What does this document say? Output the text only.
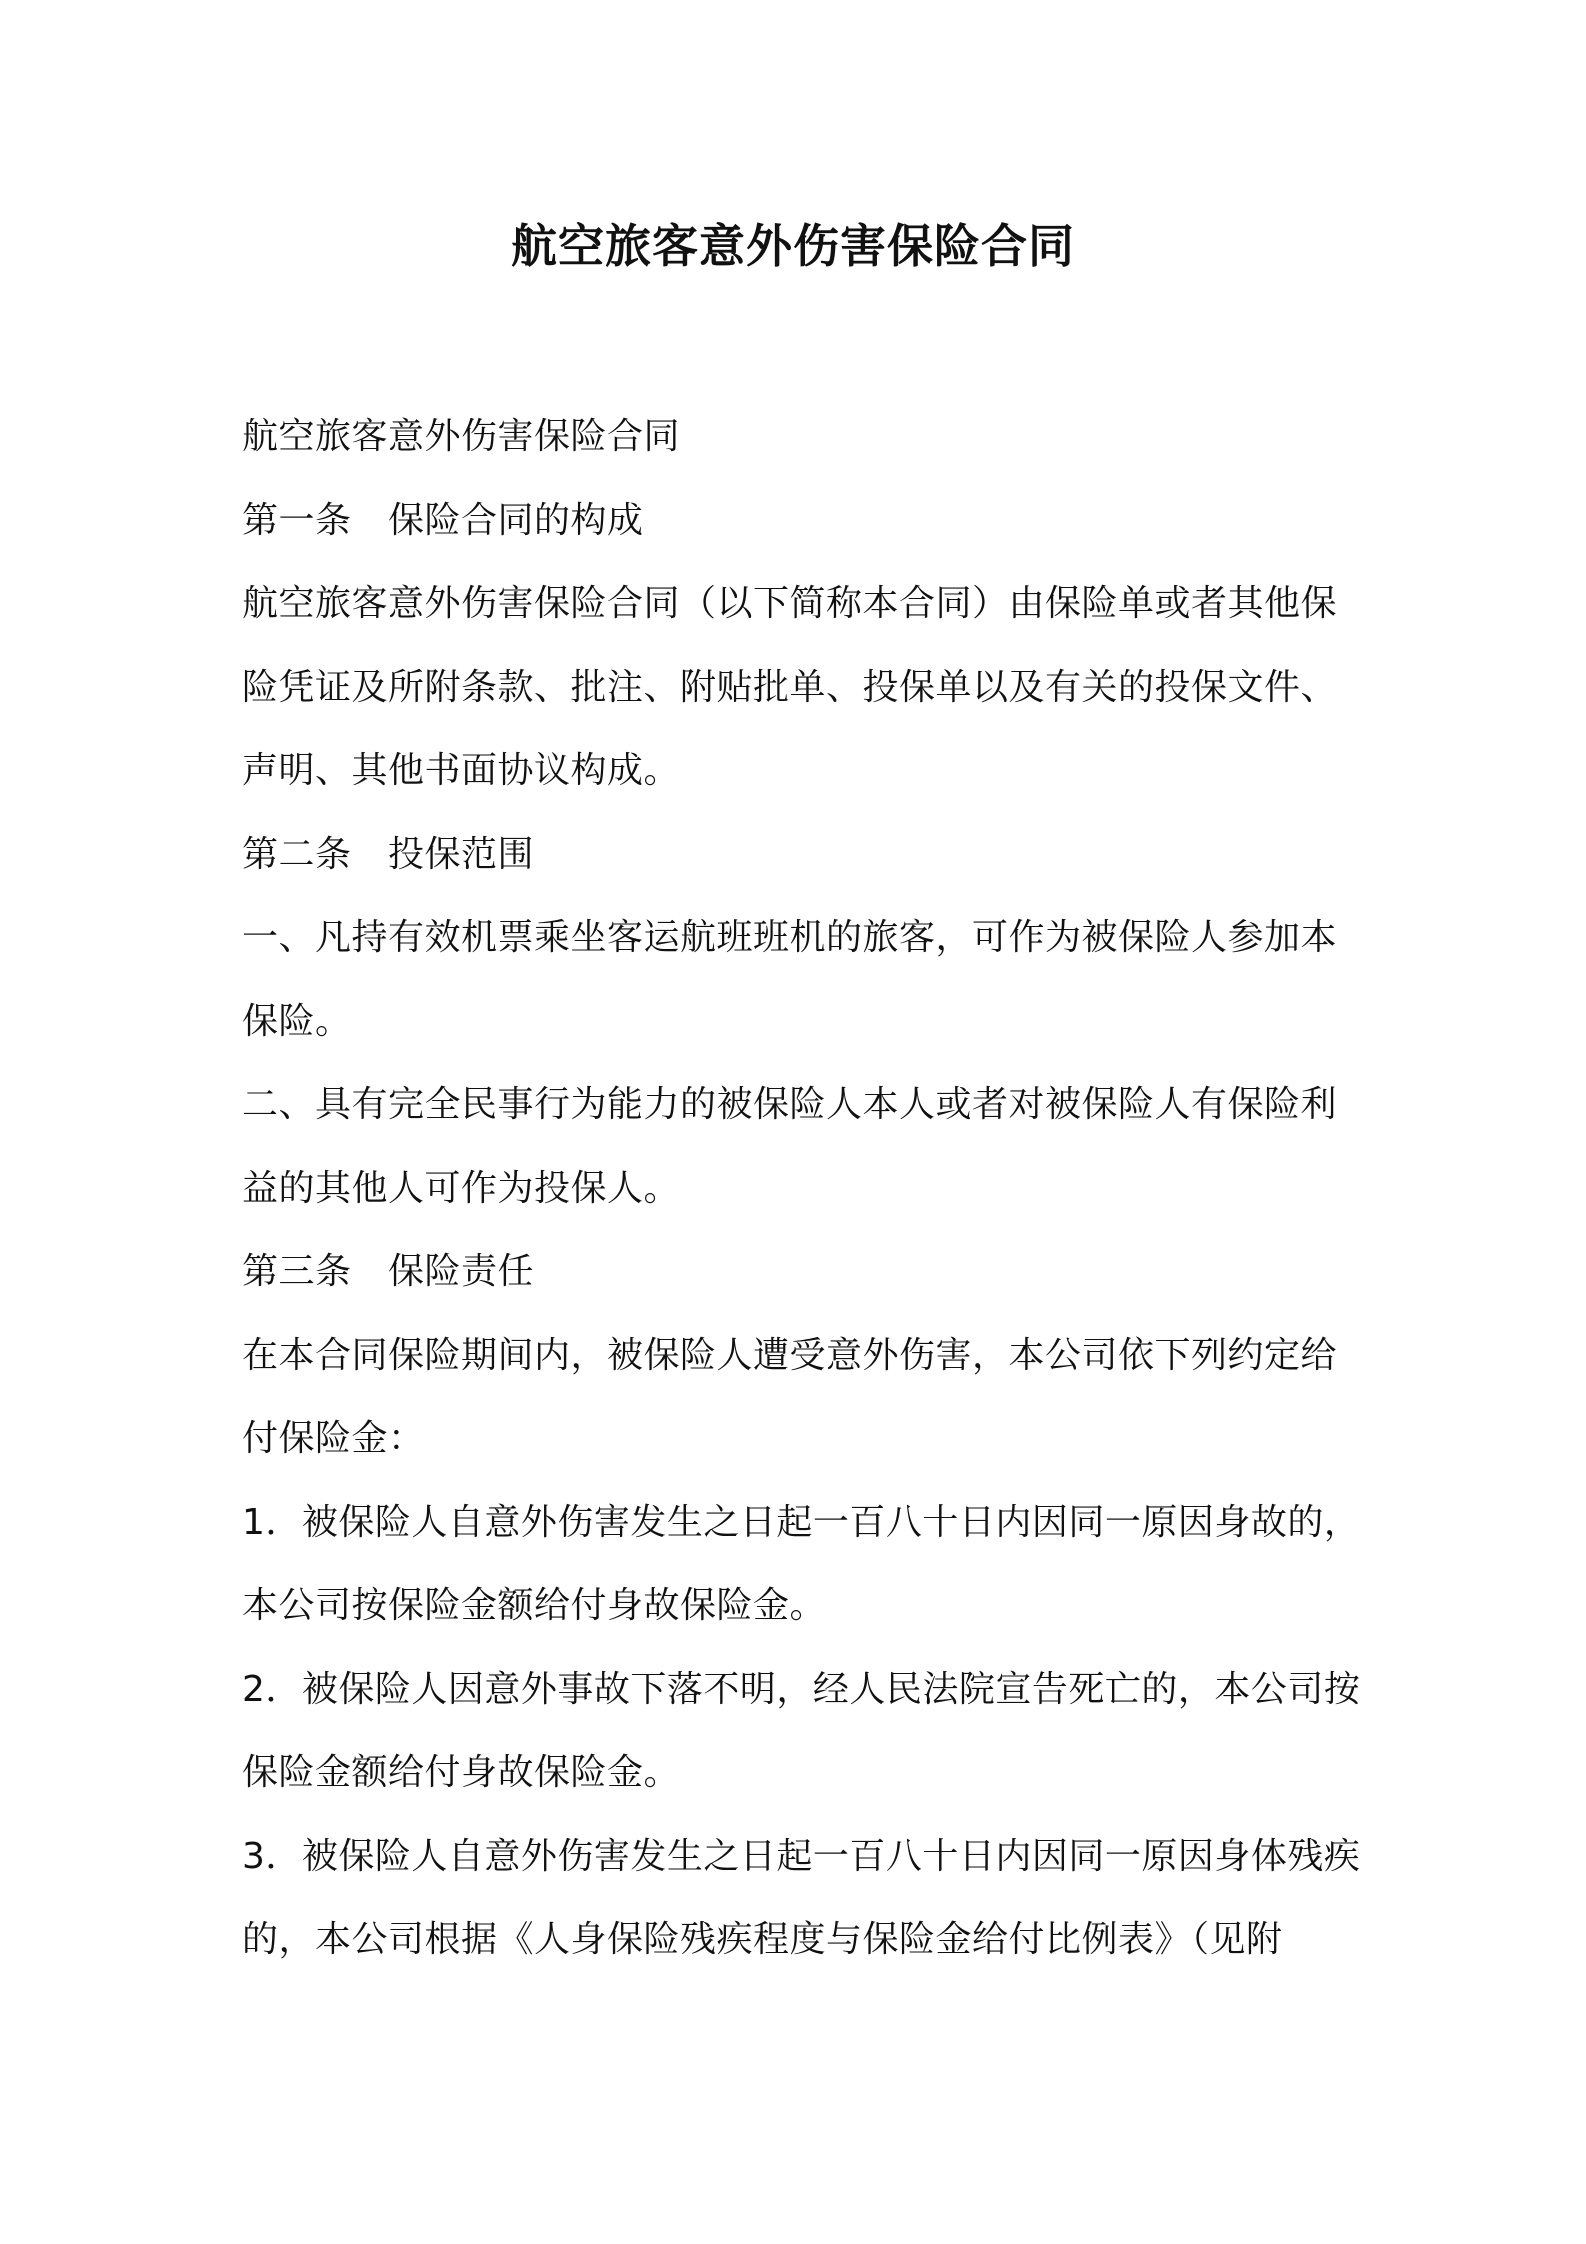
航空旅客意外伤害保险合同

航空旅客意外伤害保险合同

第一条　保险合同的构成

航空旅客意外伤害保险合同（以下简称本合同）由保险单或者其他保险凭证及所附条款、批注、附贴批单、投保单以及有关的投保文件、声明、其他书面协议构成。

第二条　投保范围

一、凡持有效机票乘坐客运航班班机的旅客，可作为被保险人参加本保险。

二、具有完全民事行为能力的被保险人本人或者对被保险人有保险利益的其他人可作为投保人。

第三条　保险责任

在本合同保险期间内，被保险人遭受意外伤害，本公司依下列约定给付保险金：

1．被保险人自意外伤害发生之日起一百八十日内因同一原因身故的，本公司按保险金额给付身故保险金。

2．被保险人因意外事故下落不明，经人民法院宣告死亡的，本公司按保险金额给付身故保险金。

3．被保险人自意外伤害发生之日起一百八十日内因同一原因身体残疾的，本公司根据《人身保险残疾程度与保险金给付比例表》（见附
